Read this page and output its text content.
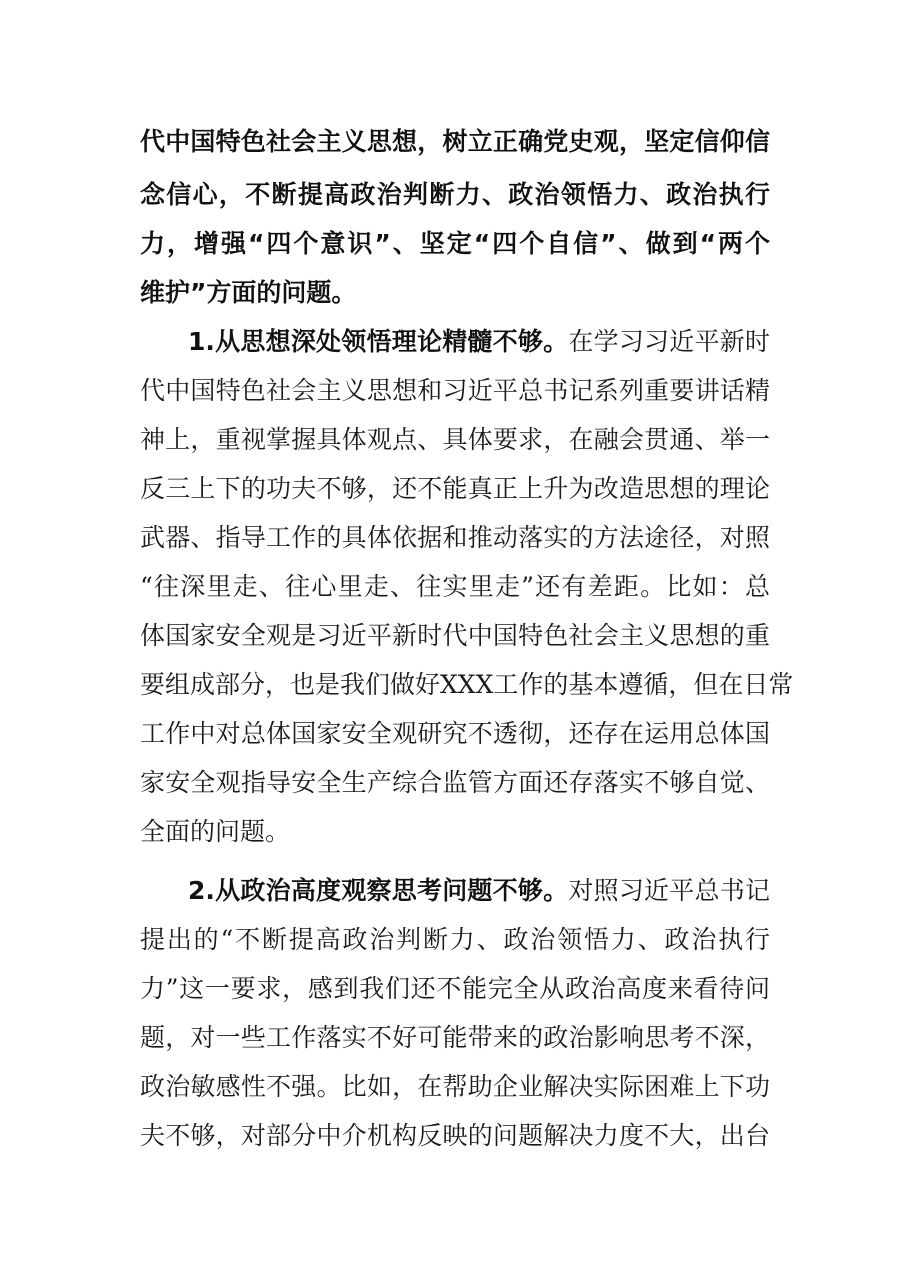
代中国特色社会主义思想，树立正确党史观，坚定信仰信
念信心，不断提高政治判断力、政治领悟力、政治执行
力，增强“四个意识”、坚定“四个自信”、做到“两个
维护”方面的问题。
1.从思想深处领悟理论精髓不够。在学习习近平新时
代中国特色社会主义思想和习近平总书记系列重要讲话精
神上，重视掌握具体观点、具体要求，在融会贯通、举一
反三上下的功夫不够，还不能真正上升为改造思想的理论
武器、指导工作的具体依据和推动落实的方法途径，对照
“往深里走、往心里走、往实里走”还有差距。比如：总
体国家安全观是习近平新时代中国特色社会主义思想的重
要组成部分，也是我们做好XXX工作的基本遵循，但在日常
工作中对总体国家安全观研究不透彻，还存在运用总体国
家安全观指导安全生产综合监管方面还存落实不够自觉、
全面的问题。
2.从政治高度观察思考问题不够。对照习近平总书记
提出的“不断提高政治判断力、政治领悟力、政治执行
力”这一要求，感到我们还不能完全从政治高度来看待问
题，对一些工作落实不好可能带来的政治影响思考不深，
政治敏感性不强。比如，在帮助企业解决实际困难上下功
夫不够，对部分中介机构反映的问题解决力度不大，出台
